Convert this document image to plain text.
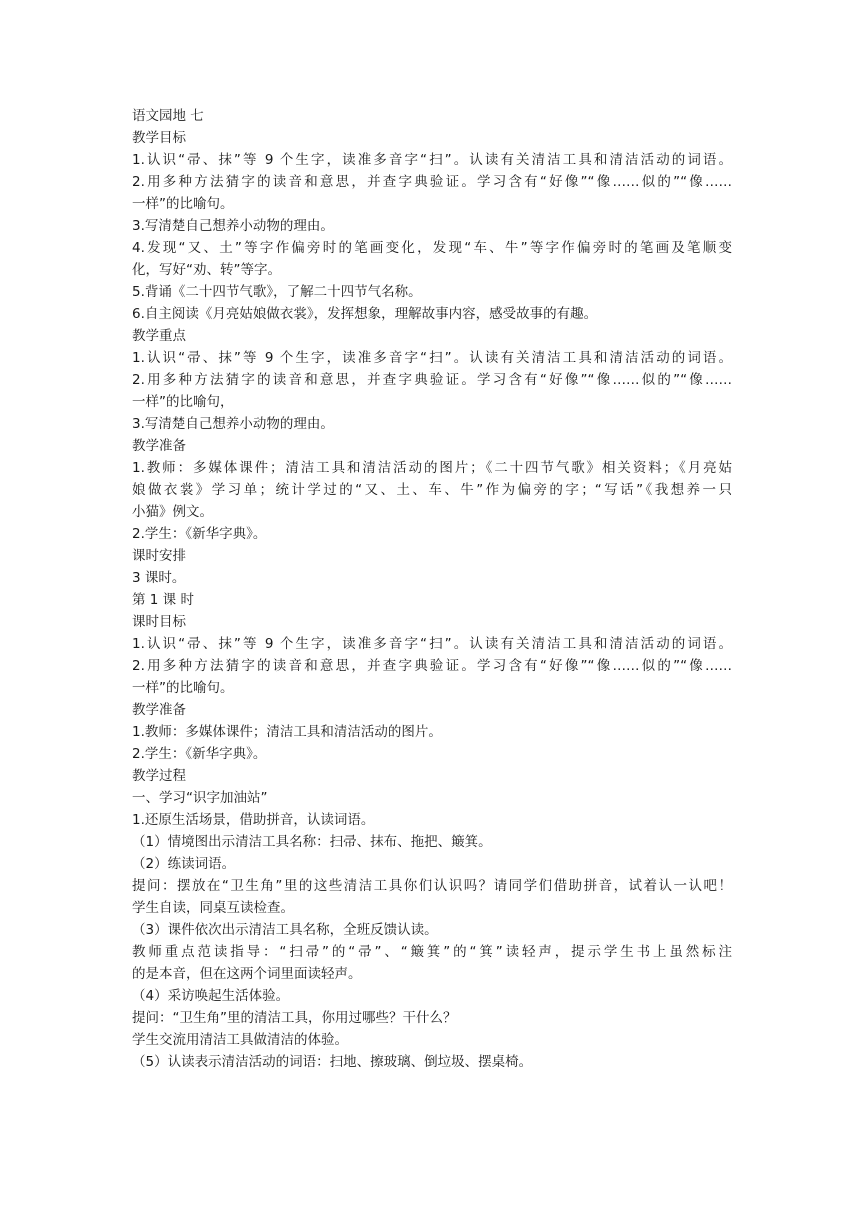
语文园地 七
教学目标
1.认识“帚、抹”等 9 个生字，读准多音字“扫”。认读有关清洁工具和清洁活动的词语。
2.用多种方法猜字的读音和意思，并查字典验证。学习含有“好像”“像……似的”“像……
一样”的比喻句。
3.写清楚自己想养小动物的理由。
4.发现“又、土”等字作偏旁时的笔画变化，发现“车、牛”等字作偏旁时的笔画及笔顺变
化，写好“劝、转”等字。
5.背诵《二十四节气歌》，了解二十四节气名称。
6.自主阅读《月亮姑娘做衣裳》，发挥想象，理解故事内容，感受故事的有趣。
教学重点
1.认识“帚、抹”等 9 个生字，读准多音字“扫”。认读有关清洁工具和清洁活动的词语。
2.用多种方法猜字的读音和意思，并查字典验证。学习含有“好像”“像……似的”“像……
一样”的比喻句，
3.写清楚自己想养小动物的理由。
教学准备
1.教师：多媒体课件；清洁工具和清洁活动的图片；《二十四节气歌》相关资料；《月亮姑
娘做衣裳》学习单；统计学过的“又、土、车、牛”作为偏旁的字；“写话”《我想养一只
小猫》例文。
2.学生：《新华字典》。
课时安排
3 课时。
第 1 课 时
课时目标
1.认识“帚、抹”等 9 个生字，读准多音字“扫”。认读有关清洁工具和清洁活动的词语。
2.用多种方法猜字的读音和意思，并查字典验证。学习含有“好像”“像……似的”“像……
一样”的比喻句。
教学准备
1.教师：多媒体课件；清洁工具和清洁活动的图片。
2.学生：《新华字典》。
教学过程
一、学习“识字加油站”
1.还原生活场景，借助拼音，认读词语。
（1）情境图出示清洁工具名称：扫帚、抹布、拖把、簸箕。
（2）练读词语。
提问：摆放在“卫生角”里的这些清洁工具你们认识吗？请同学们借助拼音，试着认一认吧！
学生自读，同桌互读检查。
（3）课件依次出示清洁工具名称，全班反馈认读。
教师重点范读指导：“扫帚”的“帚”、“簸箕”的“箕”读轻声，提示学生书上虽然标注
的是本音，但在这两个词里面读轻声。
（4）采访唤起生活体验。
提问：“卫生角”里的清洁工具，你用过哪些？干什么？
学生交流用清洁工具做清洁的体验。
（5）认读表示清洁活动的词语：扫地、擦玻璃、倒垃圾、摆桌椅。
